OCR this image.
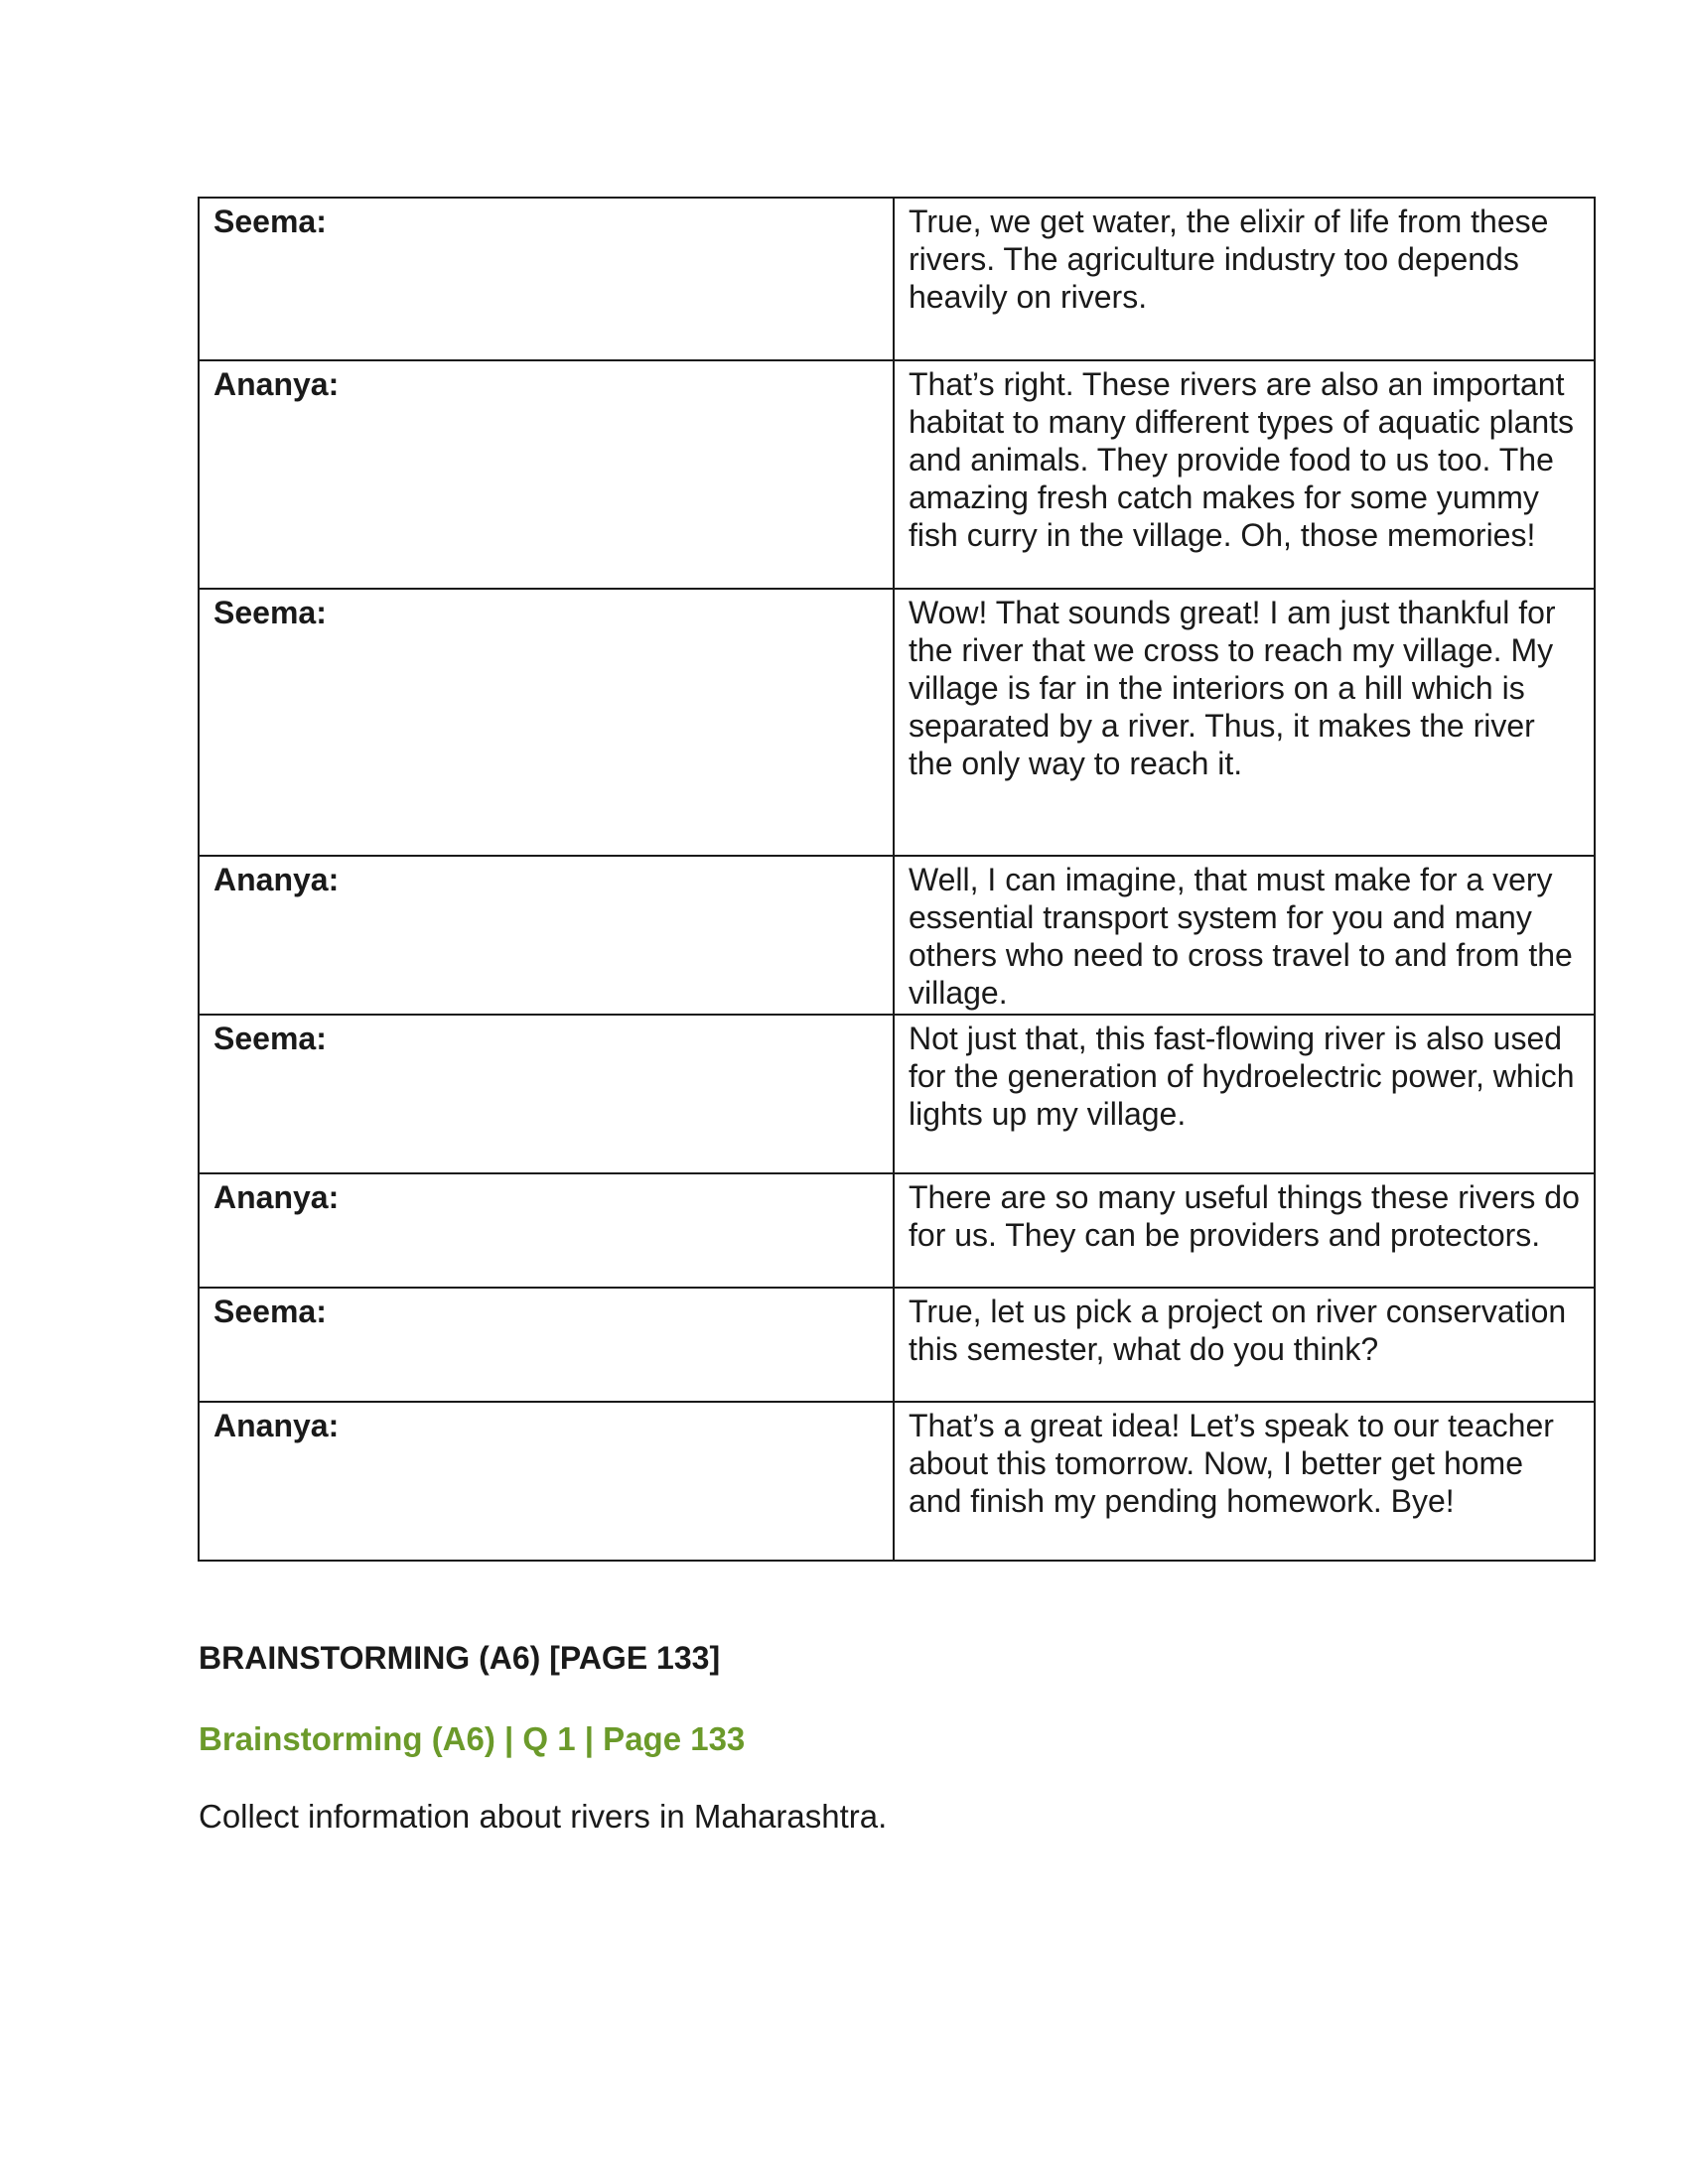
Seema:	True, we get water, the elixir of life from these rivers. The agriculture industry too depends heavily on rivers.
Ananya:	That’s right. These rivers are also an important habitat to many different types of aquatic plants and animals. They provide food to us too. The amazing fresh catch makes for some yummy fish curry in the village. Oh, those memories!
Seema:	Wow! That sounds great! I am just thankful for the river that we cross to reach my village. My village is far in the interiors on a hill which is separated by a river. Thus, it makes the river the only way to reach it.
Ananya:	Well, I can imagine, that must make for a very essential transport system for you and many others who need to cross travel to and from the village.
Seema:	Not just that, this fast-flowing river is also used for the generation of hydroelectric power, which lights up my village.
Ananya:	There are so many useful things these rivers do for us. They can be providers and protectors.
Seema:	True, let us pick a project on river conservation this semester, what do you think?
Ananya:	That’s a great idea! Let’s speak to our teacher about this tomorrow. Now, I better get home and finish my pending homework. Bye!
BRAINSTORMING (A6) [PAGE 133]
Brainstorming (A6) | Q 1 | Page 133
Collect information about rivers in Maharashtra.
